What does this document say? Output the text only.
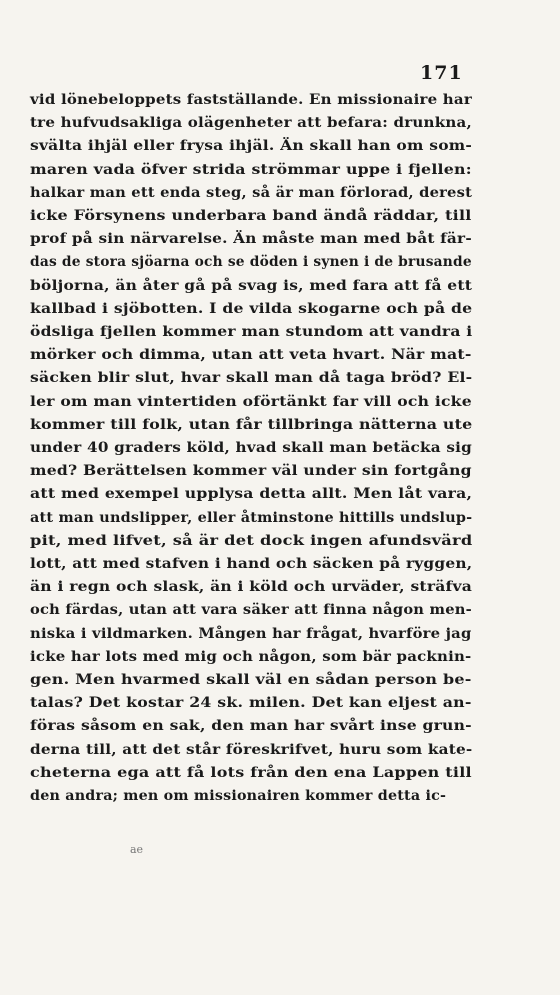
171
vid lönebeloppets fastställande. En missionaire har
tre hufvudsakliga olägenheter att befara: drunkna,
svälta ihjäl eller frysa ihjäl. Än skall han om som-
maren vada öfver strida strömmar uppe i fjellen:
halkar man ett enda steg, så är man förlorad, derest
icke Försynens underbara band ändå räddar, till
prof på sin närvarelse. Än måste man med båt fär-
das de stora sjöarna och se döden i synen i de brusande
böljorna, än åter gå på svag is, med fara att få ett
kallbad i sjöbotten. I de vilda skogarne och på de
ödsliga fjellen kommer man stundom att vandra i
mörker och dimma, utan att veta hvart. När mat-
säcken blir slut, hvar skall man då taga bröd? El-
ler om man vintertiden oförtänkt far vill och icke
kommer till folk, utan får tillbringa nätterna ute
under 40 graders köld, hvad skall man betäcka sig
med? Berättelsen kommer väl under sin fortgång
att med exempel upplysa detta allt. Men låt vara,
att man undslipper, eller åtminstone hittills undslup-
pit, med lifvet, så är det dock ingen afundsvärd
lott, att med stafven i hand och säcken på ryggen,
än i regn och slask, än i köld och urväder, sträfva
och färdas, utan att vara säker att finna någon men-
niska i vildmarken. Mången har frågat, hvarföre jag
icke har lots med mig och någon, som bär packnin-
gen. Men hvarmed skall väl en sådan person be-
talas? Det kostar 24 sk. milen. Det kan eljest an-
föras såsom en sak, den man har svårt inse grun-
derna till, att det står föreskrifvet, huru som kate-
cheterna ega att få lots från den ena Lappen till
den andra; men om missionairen kommer detta ic-
ae
